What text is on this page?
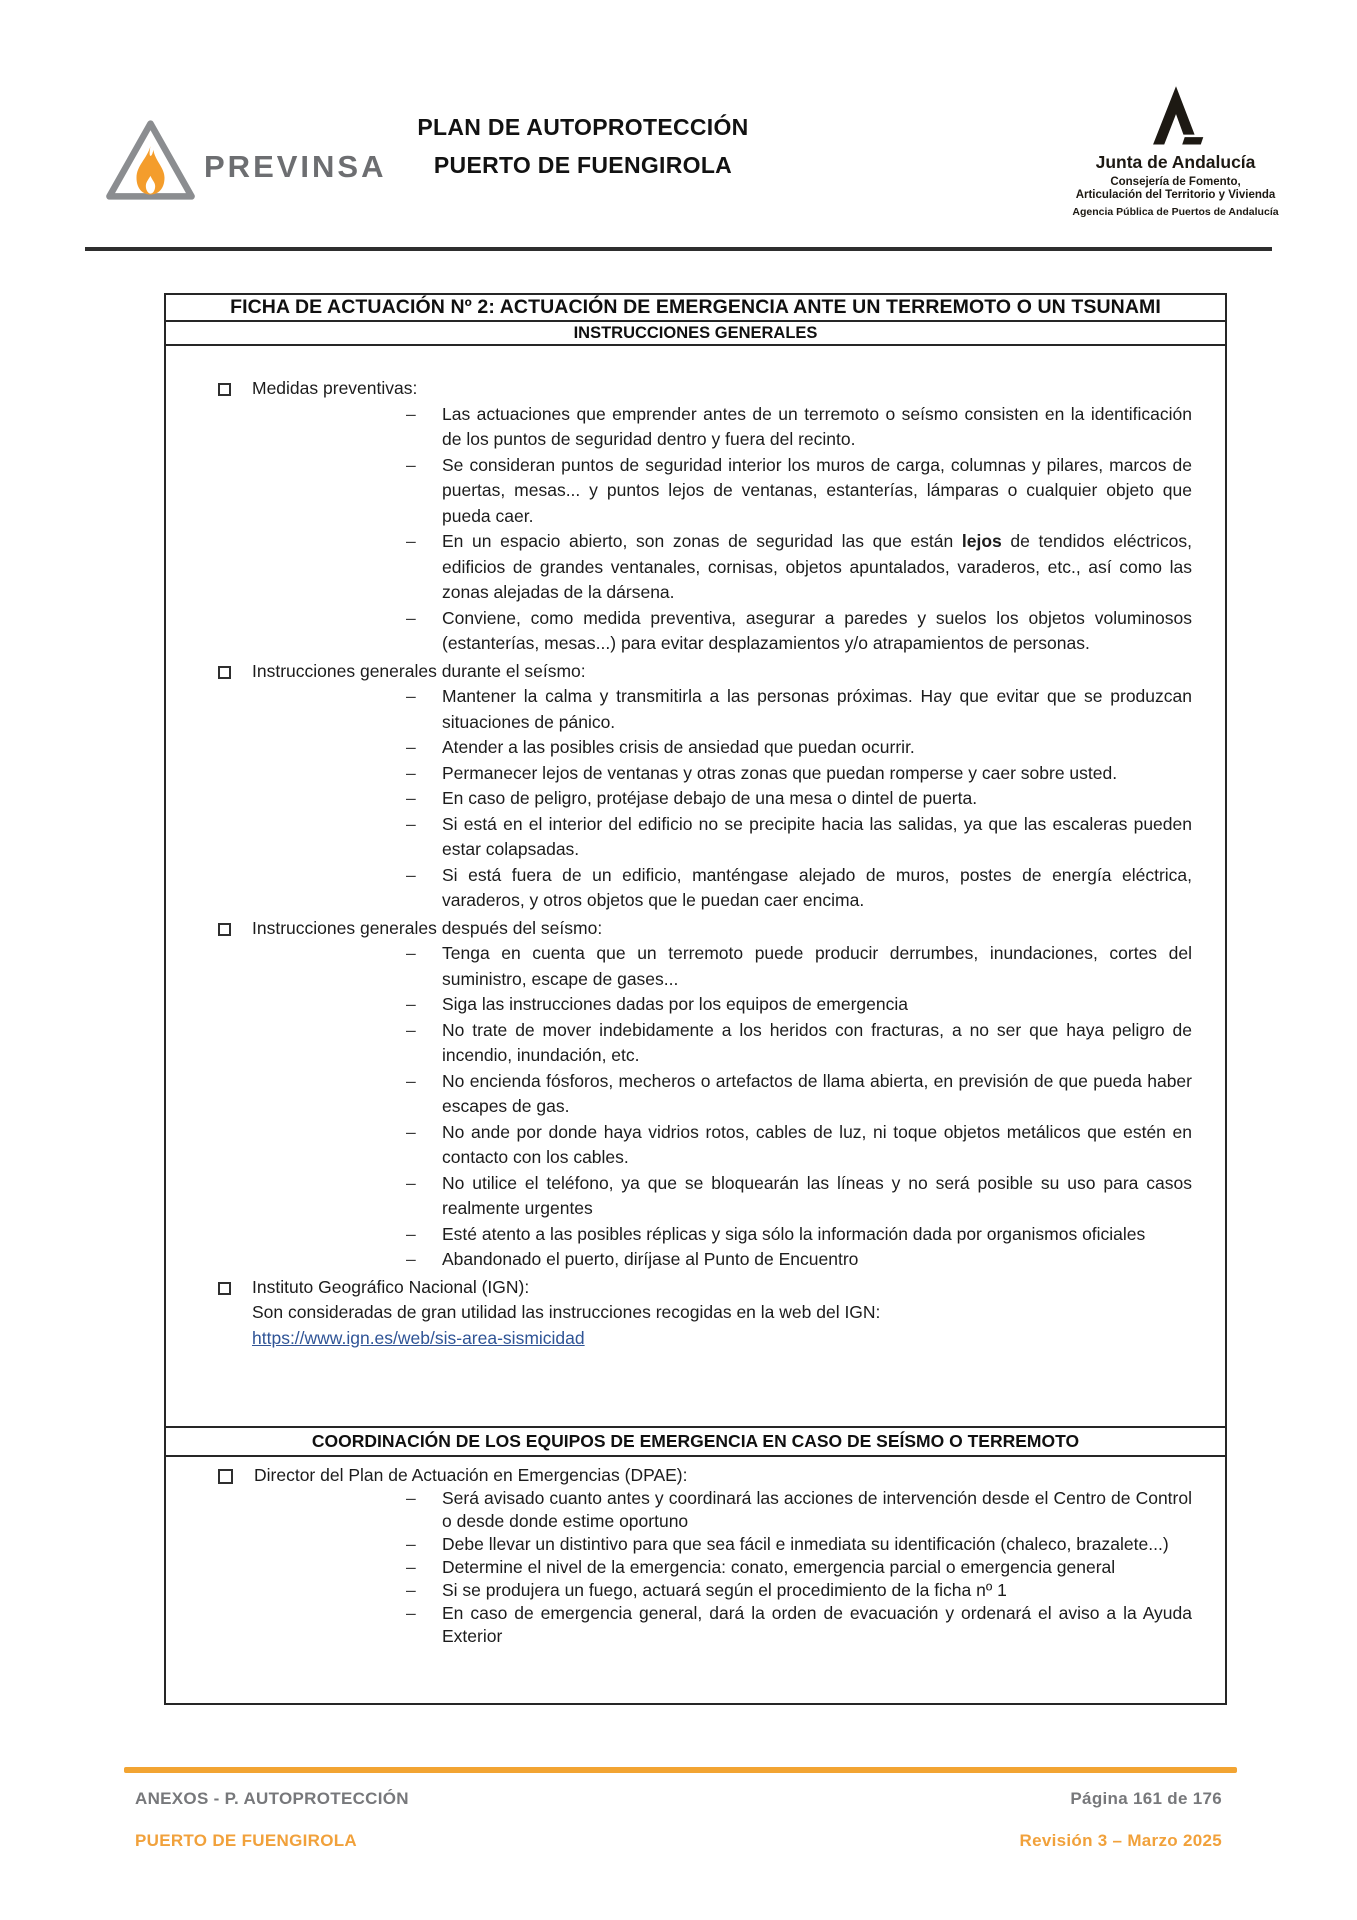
PREVINSA
PLAN DE AUTOPROTECCIÓN
PUERTO DE FUENGIROLA	Junta de Andalucía
Consejería de Fomento,
Articulación del Territorio y Vivienda
Agencia Pública de Puertos de Andalucía
FICHA DE ACTUACIÓN Nº 2: ACTUACIÓN DE EMERGENCIA ANTE UN TERREMOTO O UN TSUNAMI
INSTRUCCIONES GENERALES
Medidas preventivas:
–	Las actuaciones que emprender antes de un terremoto o seísmo consisten en la identificación de los puntos de seguridad dentro y fuera del recinto.
–	Se consideran puntos de seguridad interior los muros de carga, columnas y pilares, marcos de puertas, mesas... y puntos lejos de ventanas, estanterías, lámparas o cualquier objeto que pueda caer.
–	En un espacio abierto, son zonas de seguridad las que están lejos de tendidos eléctricos, edificios de grandes ventanales, cornisas, objetos apuntalados, varaderos, etc., así como las zonas alejadas de la dársena.
–	Conviene, como medida preventiva, asegurar a paredes y suelos los objetos voluminosos (estanterías, mesas...) para evitar desplazamientos y/o atrapamientos de personas.
Instrucciones generales durante el seísmo:
–	Mantener la calma y transmitirla a las personas próximas. Hay que evitar que se produzcan situaciones de pánico.
–	Atender a las posibles crisis de ansiedad que puedan ocurrir.
–	Permanecer lejos de ventanas y otras zonas que puedan romperse y caer sobre usted.
–	En caso de peligro, protéjase debajo de una mesa o dintel de puerta.
–	Si está en el interior del edificio no se precipite hacia las salidas, ya que las escaleras pueden estar colapsadas.
–	Si está fuera de un edificio, manténgase alejado de muros, postes de energía eléctrica, varaderos, y otros objetos que le puedan caer encima.
Instrucciones generales después del seísmo:
–	Tenga en cuenta que un terremoto puede producir derrumbes, inundaciones, cortes del suministro, escape de gases...
–	Siga las instrucciones dadas por los equipos de emergencia
–	No trate de mover indebidamente a los heridos con fracturas, a no ser que haya peligro de incendio, inundación, etc.
–	No encienda fósforos, mecheros o artefactos de llama abierta, en previsión de que pueda haber escapes de gas.
–	No ande por donde haya vidrios rotos, cables de luz, ni toque objetos metálicos que estén en contacto con los cables.
–	No utilice el teléfono, ya que se bloquearán las líneas y no será posible su uso para casos realmente urgentes
–	Esté atento a las posibles réplicas y siga sólo la información dada por organismos oficiales
–	Abandonado el puerto, diríjase al Punto de Encuentro
Instituto Geográfico Nacional (IGN):
Son consideradas de gran utilidad las instrucciones recogidas en la web del IGN:
https://www.ign.es/web/sis-area-sismicidad
COORDINACIÓN DE LOS EQUIPOS DE EMERGENCIA EN CASO DE SEÍSMO O TERREMOTO
Director del Plan de Actuación en Emergencias (DPAE):
–	Será avisado cuanto antes y coordinará las acciones de intervención desde el Centro de Control o desde donde estime oportuno
–	Debe llevar un distintivo para que sea fácil e inmediata su identificación (chaleco, brazalete...)
–	Determine el nivel de la emergencia: conato, emergencia parcial o emergencia general
–	Si se produjera un fuego, actuará según el procedimiento de la ficha nº 1
–	En caso de emergencia general, dará la orden de evacuación y ordenará el aviso a la Ayuda Exterior
ANEXOS - P. AUTOPROTECCIÓN
PUERTO DE FUENGIROLA
Página 161 de 176
Revisión 3 – Marzo 2025
